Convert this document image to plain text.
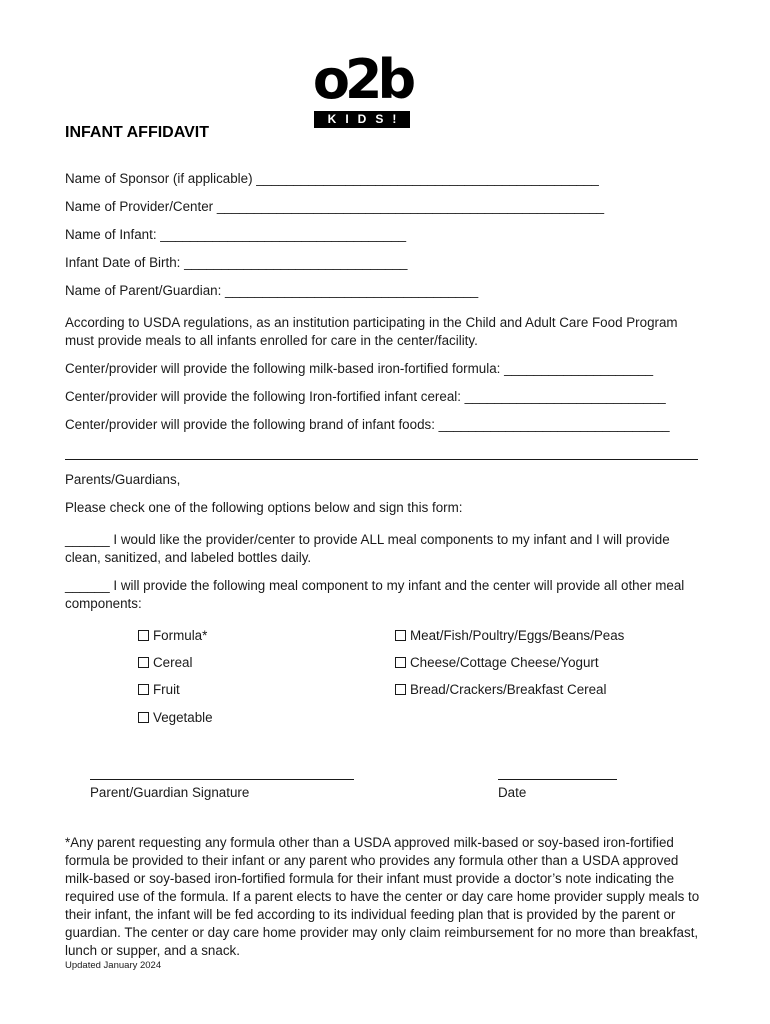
o2b
KIDS!
INFANT AFFIDAVIT
Name of Sponsor (if applicable) ______________________________________________
Name of Provider/Center ____________________________________________________
Name of Infant: _________________________________
Infant Date of Birth: ______________________________
Name of Parent/Guardian: __________________________________
According to USDA regulations, as an institution participating in the Child and Adult Care Food Program must provide meals to all infants enrolled for care in the center/facility.
Center/provider will provide the following milk-based iron-fortified formula: ____________________
Center/provider will provide the following Iron-fortified infant cereal: ___________________________
Center/provider will provide the following brand of infant foods: _______________________________
Parents/Guardians,
Please check one of the following options below and sign this form:
______ I would like the provider/center to provide ALL meal components to my infant and I will provide clean, sanitized, and labeled bottles daily.
______ I will provide the following meal component to my infant and the center will provide all other meal components:
Formula*
Cereal
Fruit
Vegetable
Meat/Fish/Poultry/Eggs/Beans/Peas
Cheese/Cottage Cheese/Yogurt
Bread/Crackers/Breakfast Cereal
Parent/Guardian Signature	Date
*Any parent requesting any formula other than a USDA approved milk-based or soy-based iron-fortified formula be provided to their infant or any parent who provides any formula other than a USDA approved milk-based or soy-based iron-fortified formula for their infant must provide a doctor’s note indicating the required use of the formula. If a parent elects to have the center or day care home provider supply meals to their infant, the infant will be fed according to its individual feeding plan that is provided by the parent or guardian. The center or day care home provider may only claim reimbursement for no more than breakfast, lunch or supper, and a snack.
Updated January 2024
